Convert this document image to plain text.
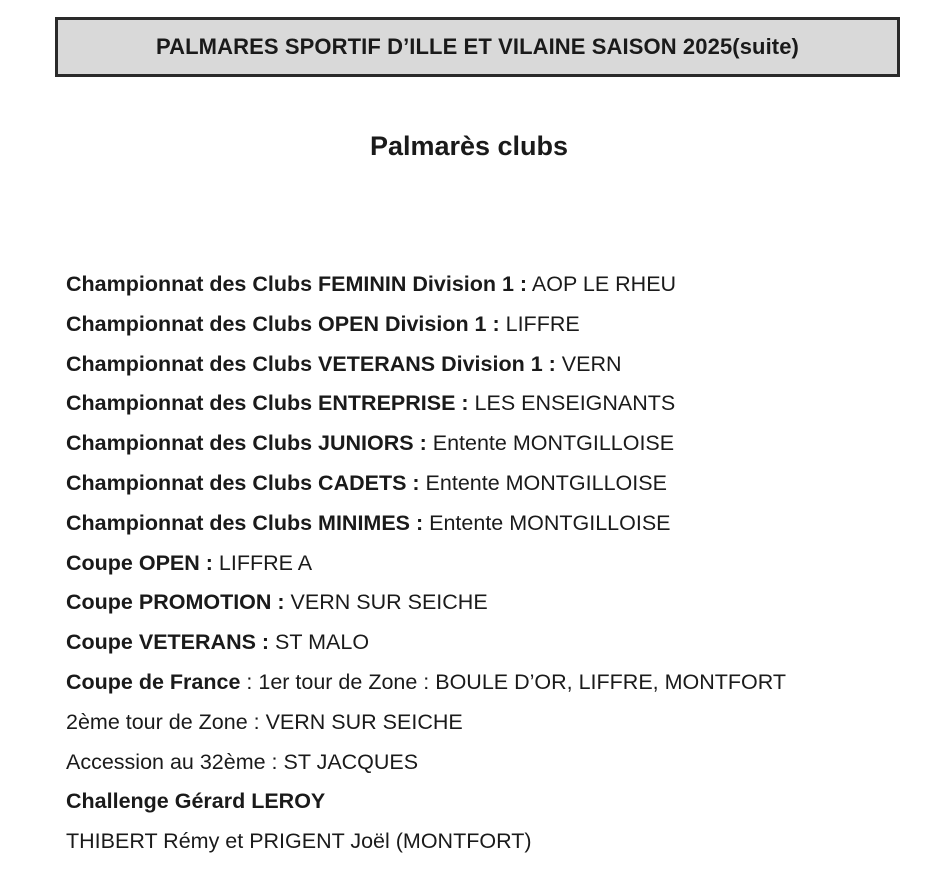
PALMARES SPORTIF D’ILLE ET VILAINE SAISON 2025(suite)
Palmarès clubs
Championnat des Clubs FEMININ Division 1 : AOP LE RHEU
Championnat des Clubs OPEN Division 1 : LIFFRE
Championnat des Clubs VETERANS Division 1 : VERN
Championnat des Clubs ENTREPRISE : LES ENSEIGNANTS
Championnat des Clubs JUNIORS : Entente MONTGILLOISE
Championnat des Clubs CADETS : Entente MONTGILLOISE
Championnat des Clubs MINIMES : Entente MONTGILLOISE
Coupe OPEN : LIFFRE A
Coupe PROMOTION : VERN SUR SEICHE
Coupe VETERANS : ST MALO
Coupe de France : 1er tour de Zone : BOULE D’OR, LIFFRE, MONTFORT
2ème tour de Zone : VERN SUR SEICHE
Accession au 32ème : ST JACQUES
Challenge Gérard LEROY
THIBERT Rémy et PRIGENT Joël (MONTFORT)
